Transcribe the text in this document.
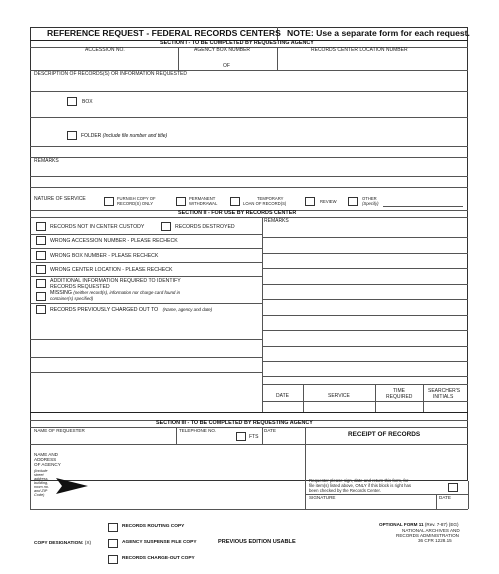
REFERENCE REQUEST - FEDERAL RECORDS CENTERS NOTE: Use a separate form for each request.
SECTION I - TO BE COMPLETED BY REQUESTING AGENCY
ACCESSION NO.	AGENCY BOX NUMBER	RECORDS CENTER LOCATION NUMBER
OF
DESCRIPTION OF RECORDS(S) OR INFORMATION REQUESTED
BOX
FOLDER (Include file number and title)
REMARKS
NATURE OF SERVICE	FURNISH COPY OF
RECORD(S) ONLY
PERMANENT
WITHDRAWAL
TEMPORARY
LOAN OF RECORD(S)	REVIEW
OTHER
(Specify)
SECTION II - FOR USE BY RECORDS CENTER
REMARKS
RECORDS NOT IN CENTER CUSTODY	RECORDS DESTROYED
WRONG ACCESSION NUMBER - PLEASE RECHECK
WRONG BOX NUMBER - PLEASE RECHECK
WRONG CENTER LOCATION - PLEASE RECHECK
ADDITIONAL INFORMATION REQUIRED TO IDENTIFY
RECORDS REQUESTED
MISSING (neither record(s), information nor charge card found in
container(s) specified)
RECORDS PREVIOUSLY CHARGED OUT TO (Name, agency and date)
DATE	SERVICE
TIME
REQUIRED
SEARCHER'S
INITIALS
SECTION III - TO BE COMPLETED BY REQUESTING AGENCY
NAME OF REQUESTER	TELEPHONE NO.
FTS
DATE
RECEIPT OF RECORDS
NAME AND
ADDRESS
OF AGENCY
(Include
street
address,
building,
room no.
and ZIP
Code)
Requester please sign, date and return this form, for
file item(s) listed above, ONLY if this block is right has
been checked by the Records Center.
SIGNATURE	DATE
RECORDS ROUTING COPY
COPY DESIGNATION: (X)	AGENCY SUSPENSE FILE COPY
RECORDS CHARGE-OUT COPY
PREVIOUS EDITION USABLE
OPTIONAL FORM 11 (Rev. 7-87) (EG)
NATIONAL ARCHIVES AND
RECORDS ADMINISTRATION
36 CFR 1228.15
